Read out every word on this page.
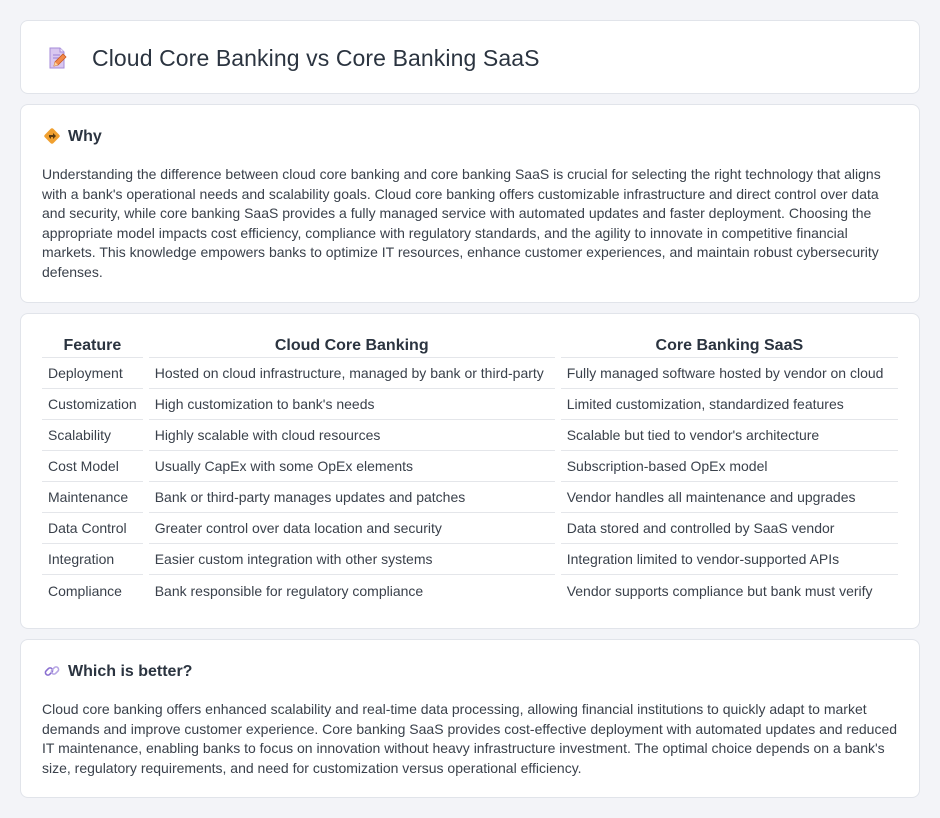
Cloud Core Banking vs Core Banking SaaS
Why

Understanding the difference between cloud core banking and core banking SaaS is crucial for selecting the right technology that aligns with a bank's operational needs and scalability goals. Cloud core banking offers customizable infrastructure and direct control over data and security, while core banking SaaS provides a fully managed service with automated updates and faster deployment. Choosing the appropriate model impacts cost efficiency, compliance with regulatory standards, and the agility to innovate in competitive financial markets. This knowledge empowers banks to optimize IT resources, enhance customer experiences, and maintain robust cybersecurity defenses.

Feature	Cloud Core Banking	Core Banking SaaS
Deployment	Hosted on cloud infrastructure, managed by bank or third-party	Fully managed software hosted by vendor on cloud
Customization	High customization to bank's needs	Limited customization, standardized features
Scalability	Highly scalable with cloud resources	Scalable but tied to vendor's architecture
Cost Model	Usually CapEx with some OpEx elements	Subscription-based OpEx model
Maintenance	Bank or third-party manages updates and patches	Vendor handles all maintenance and upgrades
Data Control	Greater control over data location and security	Data stored and controlled by SaaS vendor
Integration	Easier custom integration with other systems	Integration limited to vendor-supported APIs
Compliance	Bank responsible for regulatory compliance	Vendor supports compliance but bank must verify
Which is better?

Cloud core banking offers enhanced scalability and real-time data processing, allowing financial institutions to quickly adapt to market demands and improve customer experience. Core banking SaaS provides cost-effective deployment with automated updates and reduced IT maintenance, enabling banks to focus on innovation without heavy infrastructure investment. The optimal choice depends on a bank's size, regulatory requirements, and need for customization versus operational efficiency.
